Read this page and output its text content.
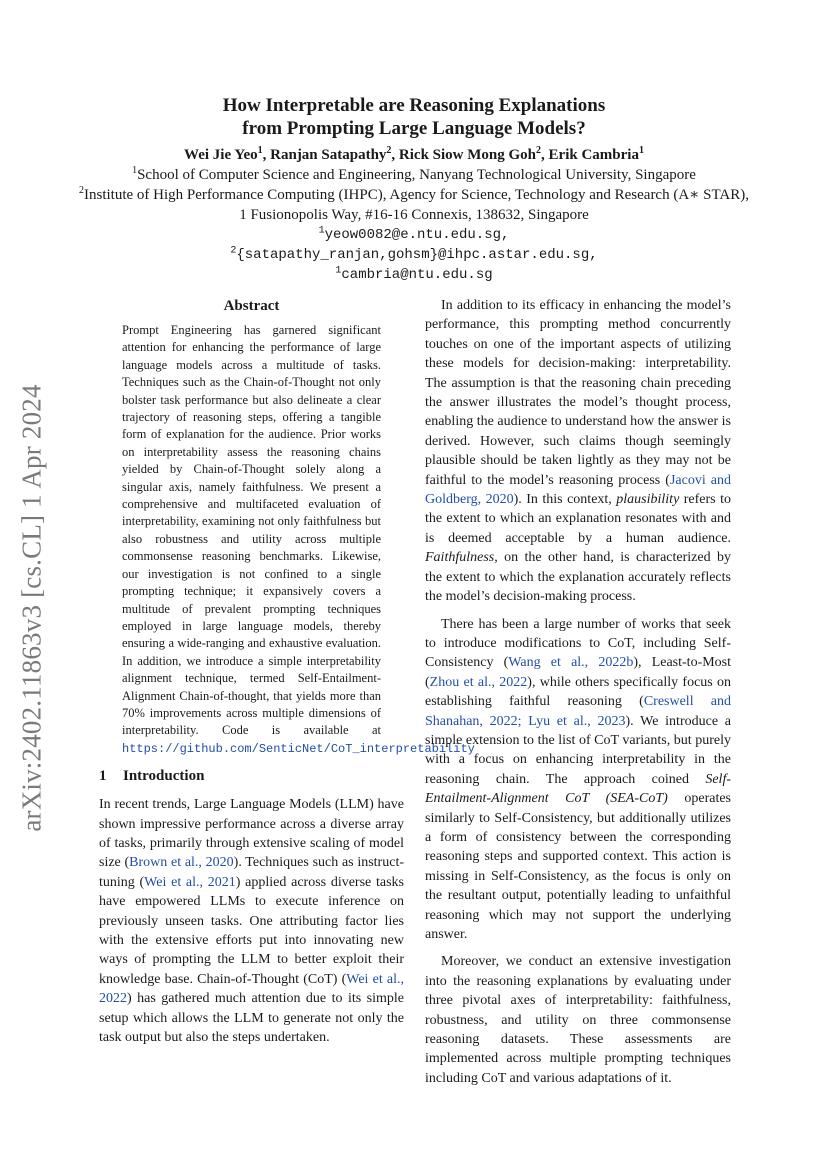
arXiv:2402.11863v3 [cs.CL] 1 Apr 2024
How Interpretable are Reasoning Explanations
from Prompting Large Language Models?
Wei Jie Yeo$^1$, Ranjan Satapathy$^2$, Rick Siow Mong Goh$^2$, Erik Cambria$^1$
$^1$School of Computer Science and Engineering, Nanyang Technological University, Singapore
$^2$Institute of High Performance Computing (IHPC), Agency for Science, Technology and Research (A∗ STAR),
1 Fusionopolis Way, #16-16 Connexis, 138632, Singapore
$^1$yeow0082@e.ntu.edu.sg,
$^2${satapathy_ranjan,gohsm}@ihpc.astar.edu.sg,
$^1$cambria@ntu.edu.sg
Abstract

Prompt Engineering has garnered significant attention for enhancing the performance of large language models across a multitude of tasks. Techniques such as the Chain-of-Thought not only bolster task performance but also delineate a clear trajectory of reasoning steps, offering a tangible form of explanation for the audience. Prior works on interpretability assess the reasoning chains yielded by Chain-of-Thought solely along a singular axis, namely faithfulness. We present a comprehensive and multifaceted evaluation of interpretability, examining not only faithfulness but also robustness and utility across multiple commonsense reasoning benchmarks. Likewise, our investigation is not confined to a single prompting technique; it expansively covers a multitude of prevalent prompting techniques employed in large language models, thereby ensuring a wide-ranging and exhaustive evaluation. In addition, we introduce a simple interpretability alignment technique, termed Self-Entailment-Alignment Chain-of-thought, that yields more than 70% improvements across multiple dimensions of interpretability. Code is available at https://github.com/SenticNet/CoT_interpretability

1 Introduction

In recent trends, Large Language Models (LLM) have shown impressive performance across a diverse array of tasks, primarily through extensive scaling of model size (Brown et al., 2020). Techniques such as instruct-tuning (Wei et al., 2021) applied across diverse tasks have empowered LLMs to execute inference on previously unseen tasks. One attributing factor lies with the extensive efforts put into innovating new ways of prompting the LLM to better exploit their knowledge base. Chain-of-Thought (CoT) (Wei et al., 2022) has gathered much attention due to its simple setup which allows the LLM to generate not only the task output but also the steps undertaken.

In addition to its efficacy in enhancing the model’s performance, this prompting method concurrently touches on one of the important aspects of utilizing these models for decision-making: interpretability. The assumption is that the reasoning chain preceding the answer illustrates the model’s thought process, enabling the audience to understand how the answer is derived. However, such claims though seemingly plausible should be taken lightly as they may not be faithful to the model’s reasoning process (Jacovi and Goldberg, 2020). In this context, plausibility refers to the extent to which an explanation resonates with and is deemed acceptable by a human audience. Faithfulness, on the other hand, is characterized by the extent to which the explanation accurately reflects the model’s decision-making process.

There has been a large number of works that seek to introduce modifications to CoT, including Self-Consistency (Wang et al., 2022b), Least-to-Most (Zhou et al., 2022), while others specifically focus on establishing faithful reasoning (Creswell and Shanahan, 2022; Lyu et al., 2023). We introduce a simple extension to the list of CoT variants, but purely with a focus on enhancing interpretability in the reasoning chain. The approach coined Self-Entailment-Alignment CoT (SEA-CoT) operates similarly to Self-Consistency, but additionally utilizes a form of consistency between the corresponding reasoning steps and supported context. This action is missing in Self-Consistency, as the focus is only on the resultant output, potentially leading to unfaithful reasoning which may not support the underlying answer.

Moreover, we conduct an extensive investigation into the reasoning explanations by evaluating under three pivotal axes of interpretability: faithfulness, robustness, and utility on three commonsense reasoning datasets. These assessments are implemented across multiple prompting techniques including CoT and various adaptations of it.
